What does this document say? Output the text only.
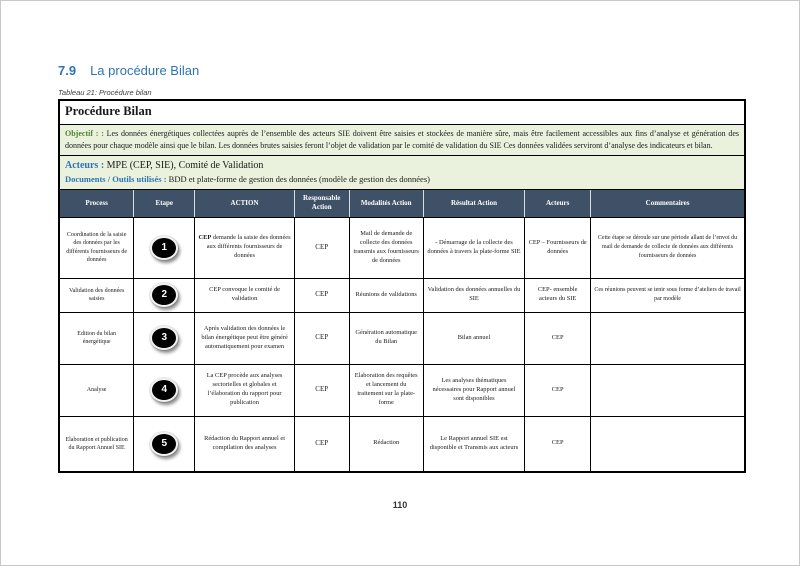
7.9 La procédure Bilan
Tableau 21: Procédure bilan
Procédure Bilan							
Objectif : : Les données énergétiques collectées auprès de l’ensemble des acteurs SIE doivent être saisies et stockées de manière sûre, mais être facilement accessibles aux fins d’analyse et génération des données pour chaque modèle ainsi que le bilan. Les données brutes saisies feront l’objet de validation par le comité de validation du SIE Ces données validées serviront d’analyse des indicateurs et bilan.							

Acteurs : MPE (CEP, SIE), Comité de Validation
Documents / Outils utilisés : BDD et plate-forme de gestion des données (modèle de gestion des données)							

Process	Etape	ACTION	Responsable Action	Modalités Action	Résultat Action	Acteurs	Commentaires
Coordination de la saisie des données par les différents fournisseurs de données	1	CEP demande la saisie des données aux différents fournisseurs de données	CEP	Mail de demande de collecte des données transmis aux fournisseurs de données	- Démarrage de la collecte des données à travers la plate-forme SIE	CEP – Fournisseurs de données	Cette étape se déroule sur une période allant de l’envoi du mail de demande de collecte de données aux différents fournisseurs de données
Validation des données saisies	2	CEP convoque le comité de validation	CEP	Réunions de validations	Validation des données annuelles du SIE	CEP- ensemble acteurs du SIE	Ces réunions peuvent se tenir sous forme d’ateliers de travail par modèle
Edition du bilan énergétique	3	Après validation des données le bilan énergétique peut être généré automatiquement pour examen	CEP	Génération automatique du Bilan	Bilan annuel	CEP	
Analyse	4	La CEP procède aux analyses sectorielles et globales et l’élaboration du rapport pour publication	CEP	Elaboration des requêtes et lancement du traitement sur la plate-forme	Les analyses thématiques nécessaires pour Rapport annuel sont disponibles	CEP	
Elaboration et publication du Rapport Annuel SIE	5	Rédaction du Rapport annuel et compilation des analyses	CEP	Rédaction	Le Rapport annuel SIE est disponible et Transmis aux acteurs	CEP	
110
